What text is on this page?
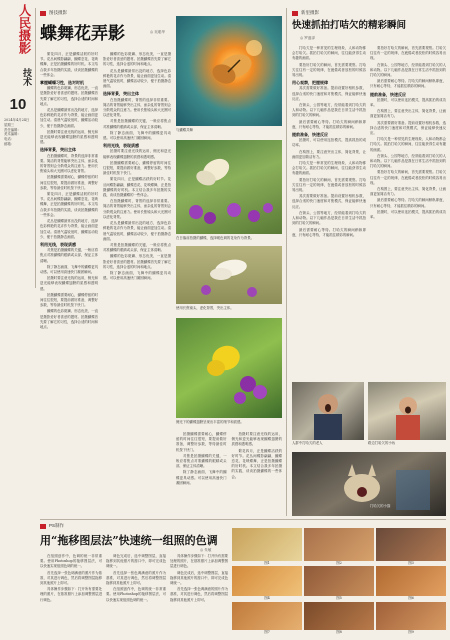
人民摄影
技术
10
2024年4月24日
星期三
责任编辑：
美术编辑：
电话：
邮箱：
图技摄影
蝶舞花弄影	◎ 吴聪华

繁花四月，正是蝴蝶活跃的好时节。花丛间蝶影翩翩，蝴蝶恋花、花映蝶舞，正是拍摄蝴蝶的好时机。本文结合我多年拍摄的实践，谈谈拍摄蝴蝶的一些体会。

掌握蝴蝶习性，选对时机

蝴蝶的色彩斑斓、形态优美，一直是摄影爱好者喜爱的题材。拍摄蝴蝶首先要了解它的习性，选择合适的时间和地点。

花丛是蝴蝶最常出没的地方，选择色彩鲜艳的花卉作为背景，能让画面更加生动。清晨气温较低时，蝴蝶活动较少，便于拍摄静态画面。

拍摄时要注意光线的运用，侧光和逆光能够表现蝴蝶翅膀的质感和透明感。

选择背景，突出主体

在拍摄蝴蝶时，背景的选择非常重要。简洁的背景能够突出主体，而杂乱的背景则会分散观众的注意力。使用长焦镜头和大光圈可以虚化背景。

拍摄蝴蝶需要耐心，蝴蝶停留的时间往往很短，要提前做好准备，调整好参数，等待最佳时机按下快门。

繁花四月，正是蝴蝶活跃的好时节。花丛间蝶影翩翩，蝴蝶恋花、花映蝶舞，正是拍摄蝴蝶的好时机。本文结合我多年拍摄的实践，谈谈拍摄蝴蝶的一些体会。

花丛是蝴蝶最常出没的地方，选择色彩鲜艳的花卉作为背景，能让画面更加生动。清晨气温较低时，蝴蝶活动较少，便于拍摄静态画面。

利用光线，表现质感

对焦是拍摄蝴蝶的关键，一般应将焦点对准蝴蝶的眼睛或头部，保证主体清晰。

除了静态画面，飞舞中的蝴蝶更具动感。可以使用高速快门凝固瞬间。

拍摄时要注意光线的运用，侧光和逆光能够表现蝴蝶翅膀的质感和透明感。

拍摄蝴蝶需要耐心，蝴蝶停留的时间往往很短，要提前做好准备，调整好参数，等待最佳时机按下快门。

蝴蝶的色彩斑斓、形态优美，一直是摄影爱好者喜爱的题材。拍摄蝴蝶首先要了解它的习性，选择合适的时间和地点。

蝴蝶的色彩斑斓、形态优美，一直是摄影爱好者喜爱的题材。拍摄蝴蝶首先要了解它的习性，选择合适的时间和地点。

花丛是蝴蝶最常出没的地方，选择色彩鲜艳的花卉作为背景，能让画面更加生动。清晨气温较低时，蝴蝶活动较少，便于拍摄静态画面。

选择背景，突出主体

在拍摄蝴蝶时，背景的选择非常重要。简洁的背景能够突出主体，而杂乱的背景则会分散观众的注意力。使用长焦镜头和大光圈可以虚化背景。

对焦是拍摄蝴蝶的关键，一般应将焦点对准蝴蝶的眼睛或头部，保证主体清晰。

除了静态画面，飞舞中的蝴蝶更具动感。可以使用高速快门凝固瞬间。

利用光线，表现质感

拍摄时要注意光线的运用，侧光和逆光能够表现蝴蝶翅膀的质感和透明感。

拍摄蝴蝶需要耐心，蝴蝶停留的时间往往很短，要提前做好准备，调整好参数，等待最佳时机按下快门。

繁花四月，正是蝴蝶活跃的好时节。花丛间蝶影翩翩，蝴蝶恋花、花映蝶舞，正是拍摄蝴蝶的好时机。本文结合我多年拍摄的实践，谈谈拍摄蝴蝶的一些体会。

在拍摄蝴蝶时，背景的选择非常重要。简洁的背景能够突出主体，而杂乱的背景则会分散观众的注意力。使用长焦镜头和大光圈可以虚化背景。

花丛是蝴蝶最常出没的地方，选择色彩鲜艳的花卉作为背景，能让画面更加生动。清晨气温较低时，蝴蝶活动较少，便于拍摄静态画面。

对焦是拍摄蝴蝶的关键，一般应将焦点对准蝴蝶的眼睛或头部，保证主体清晰。

蝴蝶的色彩斑斓、形态优美，一直是摄影爱好者喜爱的题材。拍摄蝴蝶首先要了解它的习性，选择合适的时间和地点。

除了静态画面，飞舞中的蝴蝶更具动感。可以使用高速快门凝固瞬间。

与蝴蝶共舞
在日落前拍摄的蝴蝶，选择暖色调的花朵作为背景。
使用长焦镜头，虚化背景，突出主体。
侧光下的蝴蝶翅膀呈现出丰富的细节和质感。

拍摄蝴蝶需要耐心，蝴蝶停留的时间往往很短，要提前做好准备，调整好参数，等待最佳时机按下快门。

对焦是拍摄蝴蝶的关键，一般应将焦点对准蝴蝶的眼睛或头部，保证主体清晰。

除了静态画面，飞舞中的蝴蝶更具动感。可以使用高速快门凝固瞬间。

拍摄时要注意光线的运用，侧光和逆光能够表现蝴蝶翅膀的质感和透明感。

繁花四月，正是蝴蝶活跃的好时节。花丛间蝶影翩翩，蝴蝶恋花、花映蝶舞，正是拍摄蝴蝶的好时机。本文结合我多年拍摄的实践，谈谈拍摄蝴蝶的一些体会。

新里摄影
快速抓拍打咭欠的精彩瞬间
◎ 罗盛泽

打哈欠是一种常见的生理现象，人和动物都会打哈欠。抓拍打哈欠的瞬间，往往能获得生动有趣的画面。

要拍好打哈欠的瞬间，首先需要观察。打哈欠往往有一定的规律，在疲倦或者放松的时候容易出现。

用心观察，把握规律

其次需要做好准备。提前设置好相机参数，选择合适的快门速度和对焦模式，保证能够快速反应。

在街头、公园等地方，经常能看到打哈欠的人和动物。以下几幅作品是我在日常生活中抓拍到的打哈欠的瞬间。

最后需要耐心等待。打哈欠的瞬间稍纵即逝，只有耐心等待，才能抓住精彩的瞬间。

提前准备，快速反应

拍摄时，可以使用连拍模式，提高抓拍的成功率。

在构图上，要注意突出主体，简化背景，让画面更加简洁有力。

打哈欠是一种常见的生理现象，人和动物都会打哈欠。抓拍打哈欠的瞬间，往往能获得生动有趣的画面。

要拍好打哈欠的瞬间，首先需要观察。打哈欠往往有一定的规律，在疲倦或者放松的时候容易出现。

其次需要做好准备。提前设置好相机参数，选择合适的快门速度和对焦模式，保证能够快速反应。

在街头、公园等地方，经常能看到打哈欠的人和动物。以下几幅作品是我在日常生活中抓拍到的打哈欠的瞬间。

最后需要耐心等待。打哈欠的瞬间稍纵即逝，只有耐心等待，才能抓住精彩的瞬间。

要拍好打哈欠的瞬间，首先需要观察。打哈欠往往有一定的规律，在疲倦或者放松的时候容易出现。

在街头、公园等地方，经常能看到打哈欠的人和动物。以下几幅作品是我在日常生活中抓拍到的打哈欠的瞬间。

最后需要耐心等待。打哈欠的瞬间稍纵即逝，只有耐心等待，才能抓住精彩的瞬间。

提前准备，快速反应

拍摄时，可以使用连拍模式，提高抓拍的成功率。

在构图上，要注意突出主体，简化背景，让画面更加简洁有力。

其次需要做好准备。提前设置好相机参数，选择合适的快门速度和对焦模式，保证能够快速反应。

打哈欠是一种常见的生理现象，人和动物都会打哈欠。抓拍打哈欠的瞬间，往往能获得生动有趣的画面。

在街头、公园等地方，经常能看到打哈欠的人和动物。以下几幅作品是我在日常生活中抓拍到的打哈欠的瞬间。

要拍好打哈欠的瞬间，首先需要观察。打哈欠往往有一定的规律，在疲倦或者放松的时候容易出现。

在构图上，要注意突出主体，简化背景，让画面更加简洁有力。

最后需要耐心等待。打哈欠的瞬间稍纵即逝，只有耐心等待，才能抓住精彩的瞬间。

拍摄时，可以使用连拍模式，提高抓拍的成功率。

人群中打哈欠的老人	路边打哈欠的小孩
打哈欠的小猫
PS制作
用“拖移图层法”快速统一组照的色调
◎ 朱敏

在组照创作中，色调的统一非常重要。使用Photoshop的拖移图层法，可以快速实现组照色调的统一。

首先选择一张色调满意的照片作为基准，对其进行调色，然后将调整图层拖移到其他照片上即可。

具体操作步骤如下：打开所有需要处理的照片，在基准照片上添加调整图层进行调色。

调色完成后，选中调整图层，直接拖移到其他照片的窗口中，即可完成色调统一。

首先选择一张色调满意的照片作为基准，对其进行调色，然后将调整图层拖移到其他照片上即可。

在组照创作中，色调的统一非常重要。使用Photoshop的拖移图层法，可以快速实现组照色调的统一。

具体操作步骤如下：打开所有需要处理的照片，在基准照片上添加调整图层进行调色。

调色完成后，选中调整图层，直接拖移到其他照片的窗口中，即可完成色调统一。

首先选择一张色调满意的照片作为基准，对其进行调色，然后将调整图层拖移到其他照片上即可。

图1	图2	图3
图4	图5	图6
图7	图8	图9
